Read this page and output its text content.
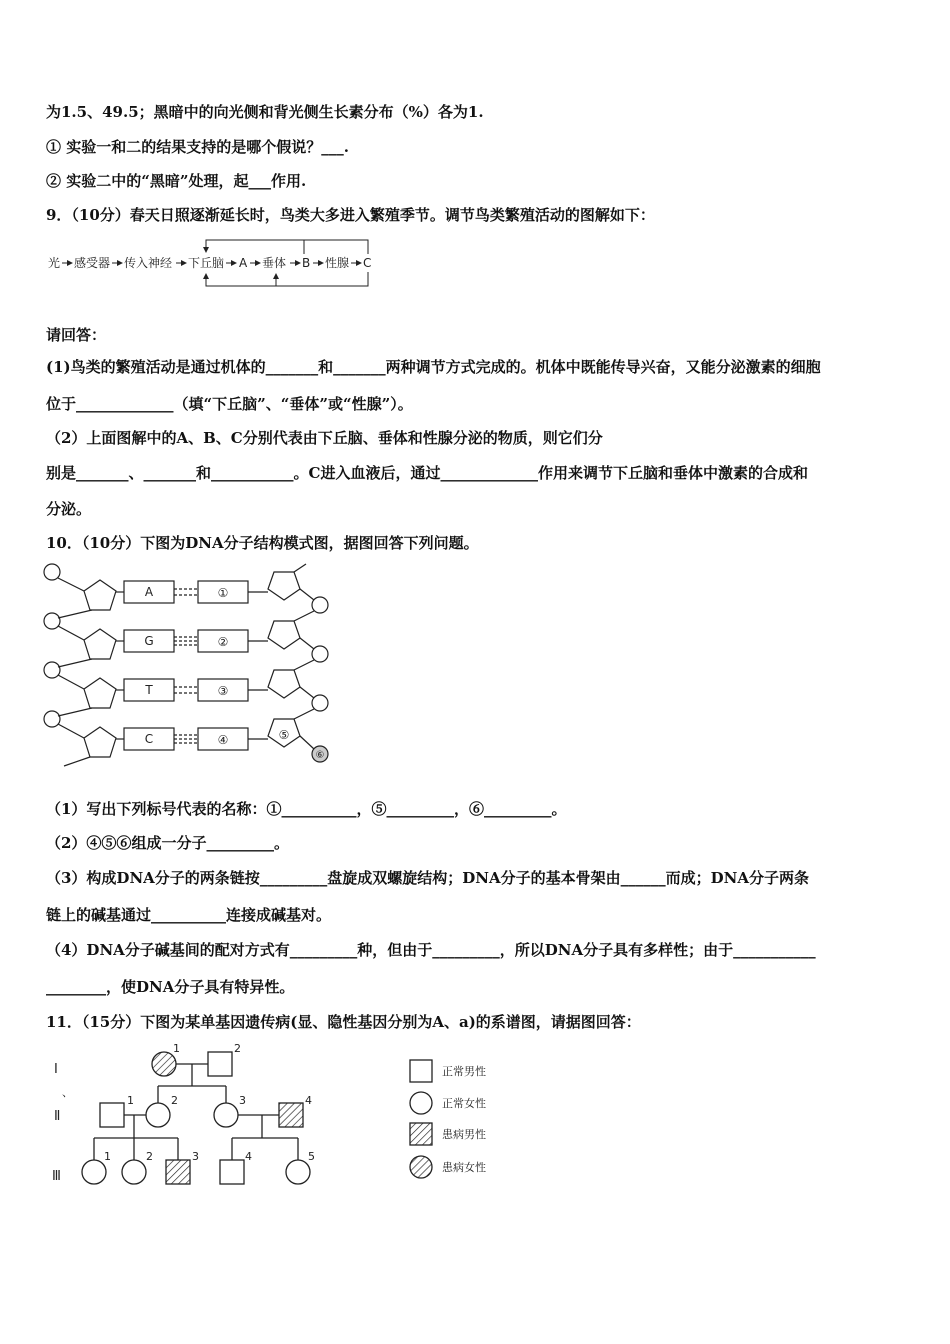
为1.5、49.5；黑暗中的向光侧和背光侧生长素分布（%）各为1.
① 实验一和二的结果支持的是哪个假说？___.
② 实验二中的“黑暗”处理，起___作用.
9．（10分）春天日照逐渐延长时，鸟类大多进入繁殖季节。调节鸟类繁殖活动的图解如下：
光 感受器 传入神经 下丘脑 A 垂体 B 性腺 C
请回答：
(1)鸟类的繁殖活动是通过机体的_______和_______两种调节方式完成的。机体中既能传导兴奋，又能分泌激素的细胞
位于_____________（填“下丘脑”、“垂体”或“性腺”）。
（2）上面图解中的A、B、C分别代表由下丘脑、垂体和性腺分泌的物质，则它们分
别是_______、_______和___________。C进入血液后，通过_____________作用来调节下丘脑和垂体中激素的合成和
分泌。
10．（10分）下图为DNA分子结构模式图，据图回答下列问题。
A
G
T
C
①
②
③
④	⑤
⑥
（1）写出下列标号代表的名称：①__________，⑤_________，⑥_________。
（2）④⑤⑥组成一分子_________。
（3）构成DNA分子的两条链按_________盘旋成双螺旋结构；DNA分子的基本骨架由______而成；DNA分子两条
链上的碱基通过__________连接成碱基对。
（4）DNA分子碱基间的配对方式有_________种，但由于_________，所以DNA分子具有多样性；由于___________
________，使DNA分子具有特异性。
11．（15分）下图为某单基因遗传病(显、隐性基因分别为A、a)的系谱图，请据图回答：
Ⅰ
、
Ⅱ
Ⅲ
1	2
1	2	3	4
1	2	3	4	5
正常男性
正常女性
患病男性
患病女性
